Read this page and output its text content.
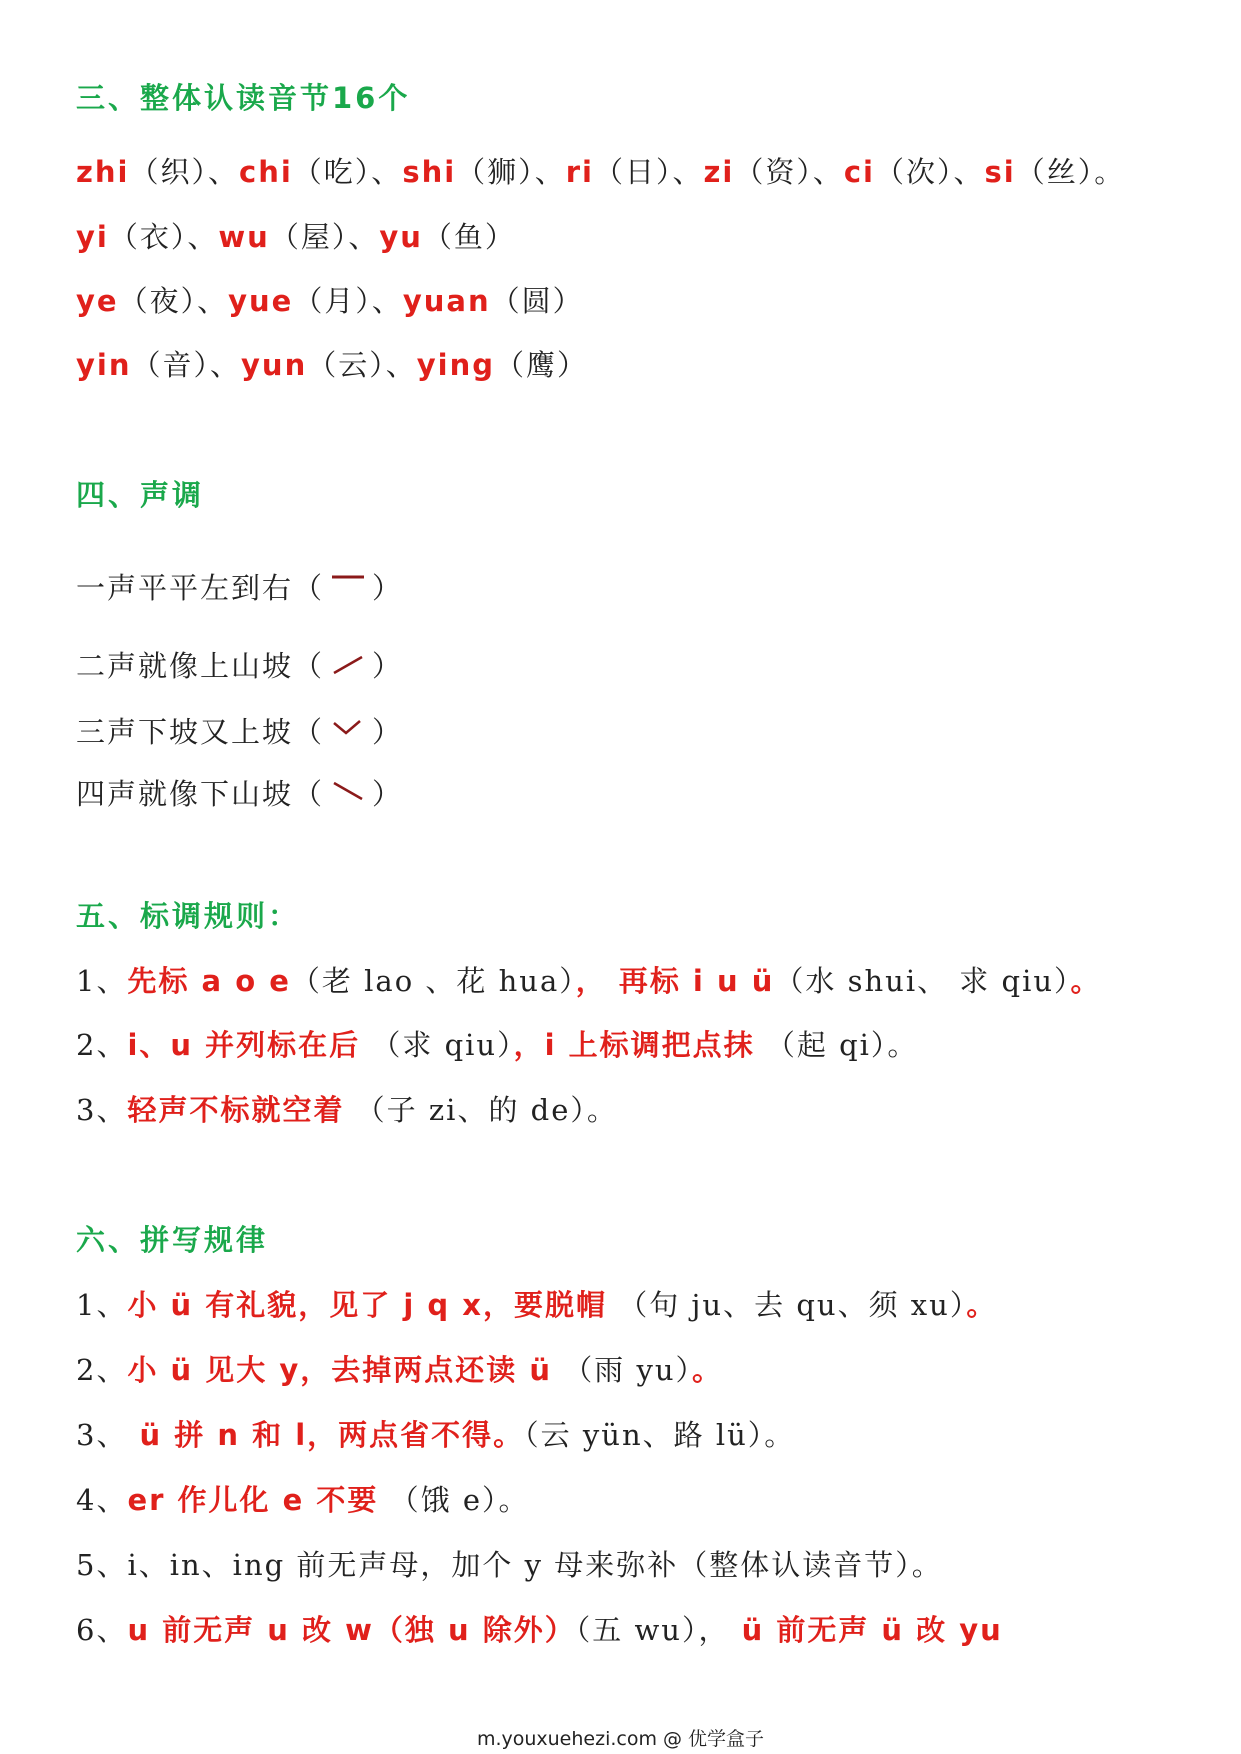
三、整体认读音节16个
zhi（织）、chi（吃）、shi（狮）、ri（日）、zi（资）、ci（次）、si（丝）。
yi（衣）、wu（屋）、yu（鱼）
ye（夜）、yue（月）、yuan（圆）
yin（音）、yun（云）、ying（鹰）
四、声调
一声平平左到右（ ）
二声就像上山坡（ ）
三声下坡又上坡（ ）
四声就像下山坡（ ）
五、标调规则：
1、先标 a o e（老 lao 、花 hua）， 再标 i u ü（水 shui、 求 qiu）。
2、i、u 并列标在后 （求 qiu），i 上标调把点抹 （起 qi）。
3、轻声不标就空着 （子 zi、的 de）。
六、拼写规律
1、小 ü 有礼貌，见了 j q x，要脱帽 （句 ju、去 qu、须 xu）。
2、小 ü 见大 y，去掉两点还读 ü （雨 yu）。
3、 ü 拼 n 和 l，两点省不得。（云 yün、路 lü）。
4、er 作儿化 e 不要 （饿 e）。
5、i、in、ing 前无声母，加个 y 母来弥补（整体认读音节）。
6、u 前无声 u 改 w（独 u 除外）（五 wu）， ü 前无声 ü 改 yu
m.youxuehezi.com @ 优学盒子
